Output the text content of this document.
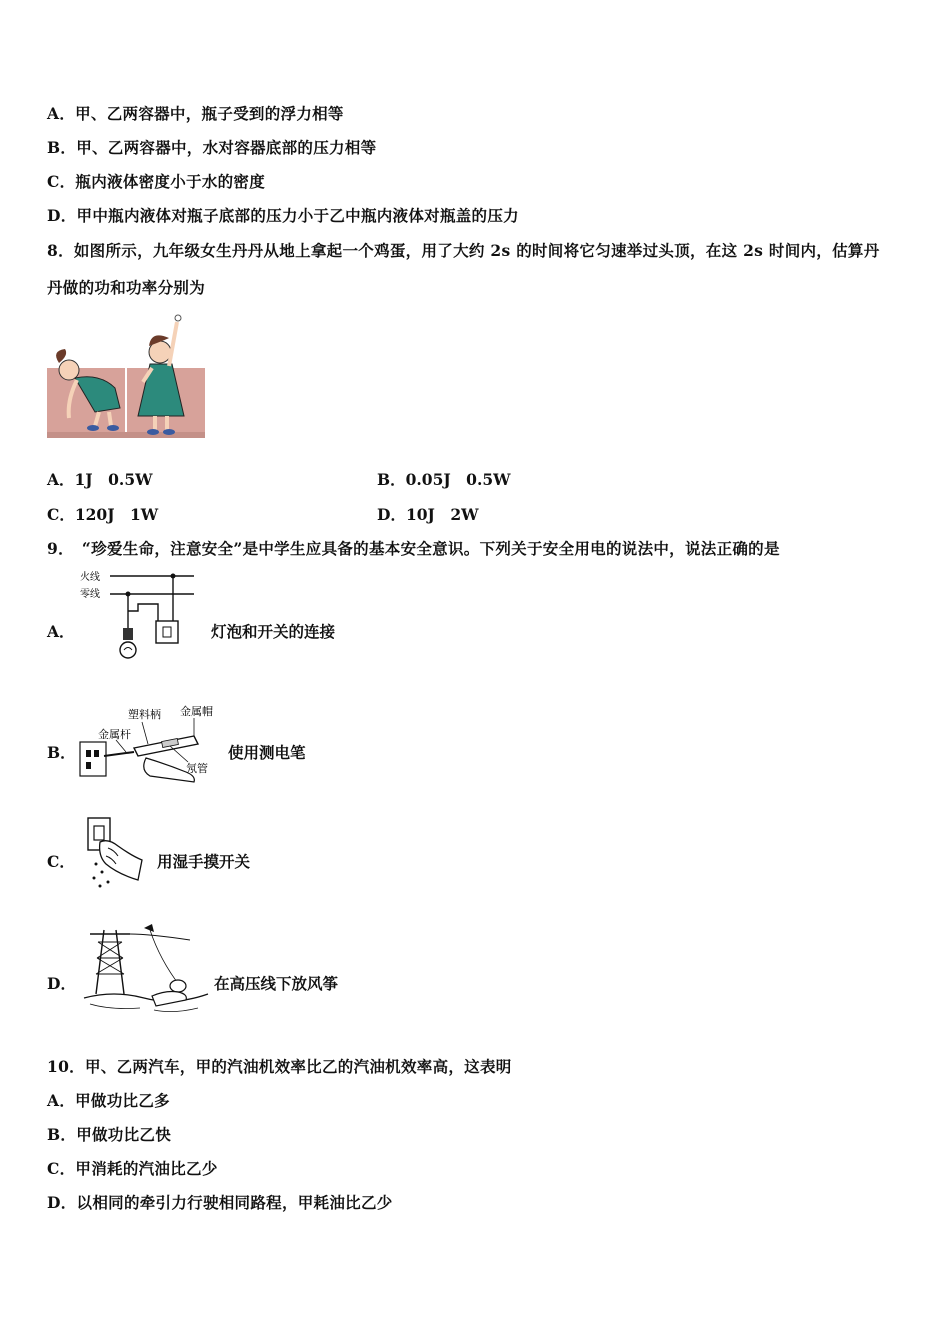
A．甲、乙两容器中，瓶子受到的浮力相等
B．甲、乙两容器中，水对容器底部的压力相等
C．瓶内液体密度小于水的密度
D．甲中瓶内液体对瓶子底部的压力小于乙中瓶内液体对瓶盖的压力
8．如图所示，九年级女生丹丹从地上拿起一个鸡蛋，用了大约 2s 的时间将它匀速举过头顶，在这 2s 时间内，估算丹
丹做的功和功率分别为
A．1J　0.5W	B．0.05J　0.5W
C．120J　1W	D．10J　2W
9．　“珍爱生命，注意安全”是中学生应具备的基本安全意识。下列关于安全用电的说法中，说法正确的是
A．
火线
零线
灯泡和开关的连接
B．
塑料柄 金属帽
金属杆
氖管
使用测电笔
C．	用湿手摸开关
D．	在高压线下放风筝
10．甲、乙两汽车，甲的汽油机效率比乙的汽油机效率高，这表明
A．甲做功比乙多
B．甲做功比乙快
C．甲消耗的汽油比乙少
D．以相同的牵引力行驶相同路程，甲耗油比乙少
